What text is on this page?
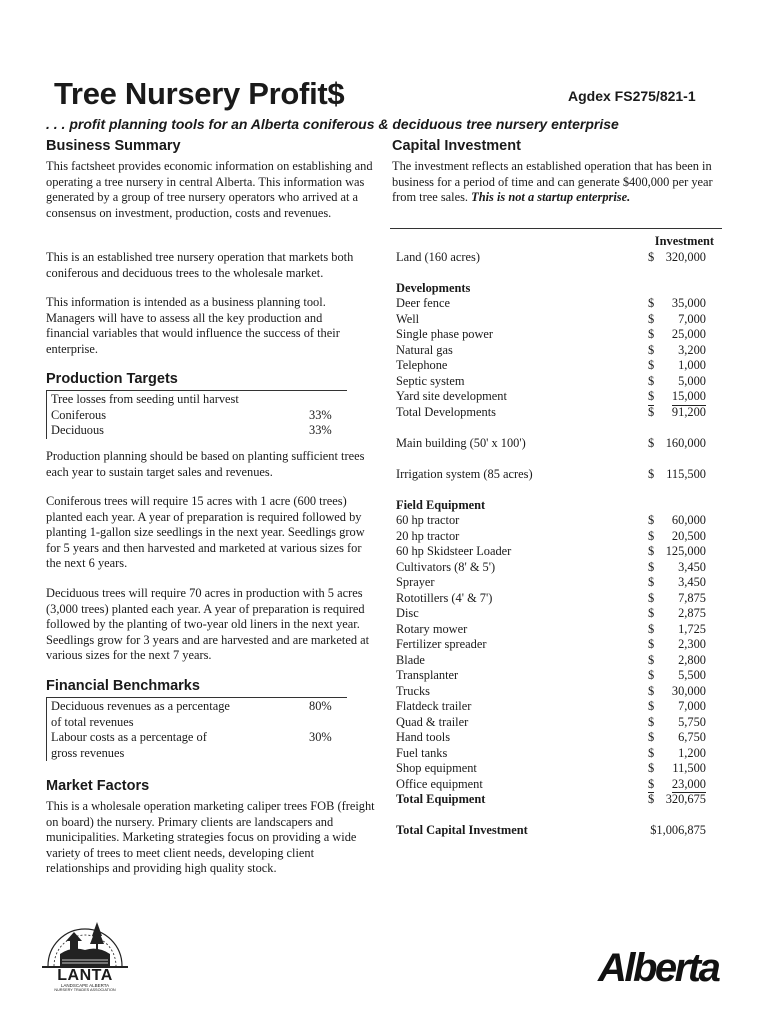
Tree Nursery Profit$	Agdex FS275/821-1
. . . profit planning tools for an Alberta coniferous & deciduous tree nursery enterprise
Business Summary
This factsheet provides economic information on establishing and operating a tree nursery in central Alberta. This information was generated by a group of tree nursery operators who arrived at a consensus on investment, production, costs and revenues.
This is an established tree nursery operation that markets both coniferous and deciduous trees to the wholesale market.
This information is intended as a business planning tool. Managers will have to assess all the key production and financial variables that would influence the success of their enterprise.
Production Targets
Tree losses from seeding until harvest
Coniferous	33%
Deciduous	33%
Production planning should be based on planting sufficient trees each year to sustain target sales and revenues.
Coniferous trees will require 15 acres with 1 acre (600 trees) planted each year. A year of preparation is required followed by planting 1-gallon size seedlings in the next year. Seedlings grow for 5 years and then harvested and marketed at various sizes for the next 6 years.
Deciduous trees will require 70 acres in production with 5 acres (3,000 trees) planted each year. A year of preparation is required followed by the planting of two-year old liners in the next year. Seedlings grow for 3 years and are harvested and are marketed at various sizes for the next 7 years.
Financial Benchmarks
Deciduous revenues as a percentage	80%
of total revenues
Labour costs as a percentage of	30%
gross revenues
Market Factors
This is a wholesale operation marketing caliper trees FOB (freight on board) the nursery. Primary clients are landscapers and municipalities. Marketing strategies focus on providing a wide variety of trees to meet client needs, developing client relationships and providing high quality stock.
Capital Investment
The investment reflects an established operation that has been in business for a period of time and can generate $400,000 per year from tree sales. This is not a startup enterprise.
Investment
Land (160 acres)	$ 320,000
Developments
Deer fence	$ 35,000
Well	$ 7,000
Single phase power	$ 25,000
Natural gas	$ 3,200
Telephone	$ 1,000
Septic system	$ 5,000
Yard site development	$ 15,000
Total Developments	$ 91,200
Main building (50' x 100')	$ 160,000
Irrigation system (85 acres)	$ 115,500
Field Equipment
60 hp tractor	$ 60,000
20 hp tractor	$ 20,500
60 hp Skidsteer Loader	$ 125,000
Cultivators (8' & 5')	$ 3,450
Sprayer	$ 3,450
Rototillers (4' & 7')	$ 7,875
Disc	$ 2,875
Rotary mower	$ 1,725
Fertilizer spreader	$ 2,300
Blade	$ 2,800
Transplanter	$ 5,500
Trucks	$ 30,000
Flatdeck trailer	$ 7,000
Quad & trailer	$ 5,750
Hand tools	$ 6,750
Fuel tanks	$ 1,200
Shop equipment	$ 11,500
Office equipment	$ 23,000
Total Equipment	$ 320,675
Total Capital Investment	$1,006,875
LANTA
LANDSCAPE ALBERTA
NURSERY TRADES ASSOCIATION	Alberta
